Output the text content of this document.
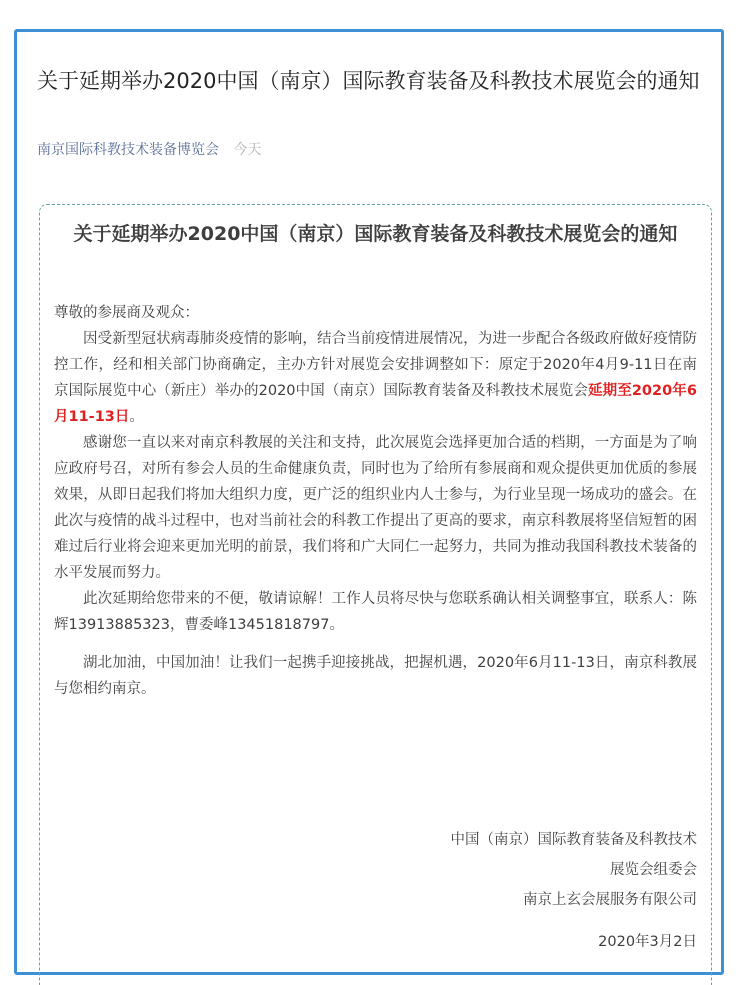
关于延期举办2020中国（南京）国际教育装备及科教技术展览会的通知
南京国际科教技术装备博览会 今天
关于延期举办2020中国（南京）国际教育装备及科教技术展览会的通知

尊敬的参展商及观众：

因受新型冠状病毒肺炎疫情的影响，结合当前疫情进展情况，为进一步配合各级政府做好疫情防控工作，经和相关部门协商确定，主办方针对展览会安排调整如下：原定于2020年4月9-11日在南京国际展览中心（新庄）举办的2020中国（南京）国际教育装备及科教技术展览会延期至2020年6月11-13日。

感谢您一直以来对南京科教展的关注和支持，此次展览会选择更加合适的档期，一方面是为了响应政府号召，对所有参会人员的生命健康负责，同时也为了给所有参展商和观众提供更加优质的参展效果，从即日起我们将加大组织力度，更广泛的组织业内人士参与，为行业呈现一场成功的盛会。在此次与疫情的战斗过程中，也对当前社会的科教工作提出了更高的要求，南京科教展将坚信短暂的困难过后行业将会迎来更加光明的前景，我们将和广大同仁一起努力，共同为推动我国科教技术装备的水平发展而努力。

此次延期给您带来的不便，敬请谅解！工作人员将尽快与您联系确认相关调整事宜，联系人：陈辉13913885323，曹委峰13451818797。

湖北加油，中国加油！让我们一起携手迎接挑战，把握机遇，2020年6月11-13日，南京科教展与您相约南京。

中国（南京）国际教育装备及科教技术
展览会组委会
南京上玄会展服务有限公司
2020年3月2日
